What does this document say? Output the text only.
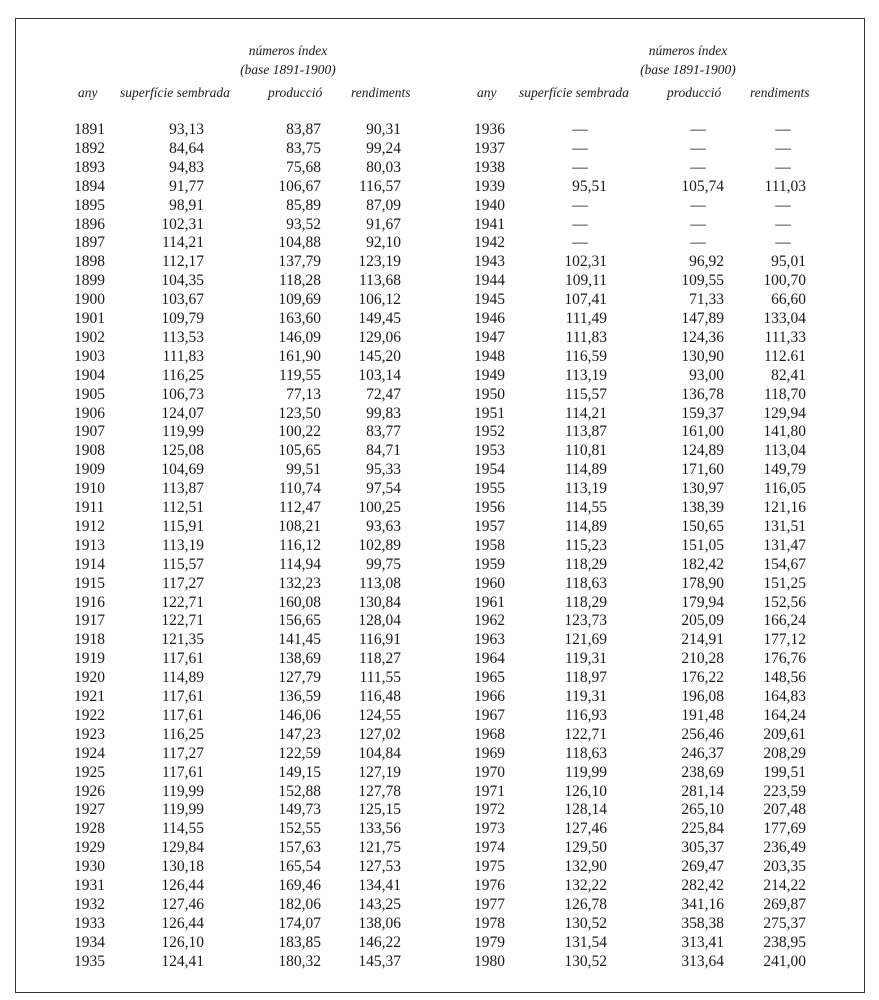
números índex
(base 1891-1900)
any superfície sembrada	producció rendiments
1891	93,13	83,87	90,31
1892	84,64	83,75	99,24
1893	94,83	75,68	80,03
1894	91,77	106,67 116,57
1895	98,91	85,89	87,09
1896	102,31	93,52	91,67
1897	114,21	104,88	92,10
1898	112,17	137,79 123,19
1899	104,35	118,28 113,68
1900	103,67	109,69 106,12
1901	109,79	163,60 149,45
1902	113,53	146,09 129,06
1903	111,83	161,90 145,20
1904	116,25	119,55 103,14
1905	106,73	77,13	72,47
1906	124,07	123,50	99,83
1907	119,99	100,22	83,77
1908	125,08	105,65	84,71
1909	104,69	99,51	95,33
1910	113,87	110,74	97,54
1911	112,51	112,47 100,25
1912	115,91	108,21	93,63
1913	113,19	116,12 102,89
1914	115,57	114,94	99,75
1915	117,27	132,23 113,08
1916	122,71	160,08 130,84
1917	122,71	156,65 128,04
1918	121,35	141,45 116,91
1919	117,61	138,69 118,27
1920	114,89	127,79 111,55
1921	117,61	136,59 116,48
1922	117,61	146,06 124,55
1923	116,25	147,23 127,02
1924	117,27	122,59 104,84
1925	117,61	149,15 127,19
1926	119,99	152,88 127,78
1927	119,99	149,73 125,15
1928	114,55	152,55 133,56
1929	129,84	157,63 121,75
1930	130,18	165,54 127,53
1931	126,44	169,46 134,41
1932	127,46	182,06 143,25
1933	126,44	174,07 138,06
1934	126,10	183,85 146,22
1935	124,41	180,32 145,37
números índex
(base 1891-1900)
any superfície sembrada	producció rendiments
1936	—	—	—
1937	—	—	—
1938	—	—	—
1939	95,51	105,74	111,03
1940	—	—	—
1941	—	—	—
1942	—	—	—
1943	102,31	96,92	95,01
1944	109,11	109,55	100,70
1945	107,41	71,33	66,60
1946	111,49	147,89	133,04
1947	111,83	124,36	111,33
1948	116,59	130,90	112.61
1949	113,19	93,00	82,41
1950	115,57	136,78	118,70
1951	114,21	159,37	129,94
1952	113,87	161,00	141,80
1953	110,81	124,89	113,04
1954	114,89	171,60	149,79
1955	113,19	130,97	116,05
1956	114,55	138,39	121,16
1957	114,89	150,65	131,51
1958	115,23	151,05	131,47
1959	118,29	182,42	154,67
1960	118,63	178,90	151,25
1961	118,29	179,94	152,56
1962	123,73	205,09	166,24
1963	121,69	214,91	177,12
1964	119,31	210,28	176,76
1965	118,97	176,22	148,56
1966	119,31	196,08	164,83
1967	116,93	191,48	164,24
1968	122,71	256,46	209,61
1969	118,63	246,37	208,29
1970	119,99	238,69	199,51
1971	126,10	281,14	223,59
1972	128,14	265,10	207,48
1973	127,46	225,84	177,69
1974	129,50	305,37	236,49
1975	132,90	269,47	203,35
1976	132,22	282,42	214,22
1977	126,78	341,16	269,87
1978	130,52	358,38	275,37
1979	131,54	313,41	238,95
1980	130,52	313,64	241,00
